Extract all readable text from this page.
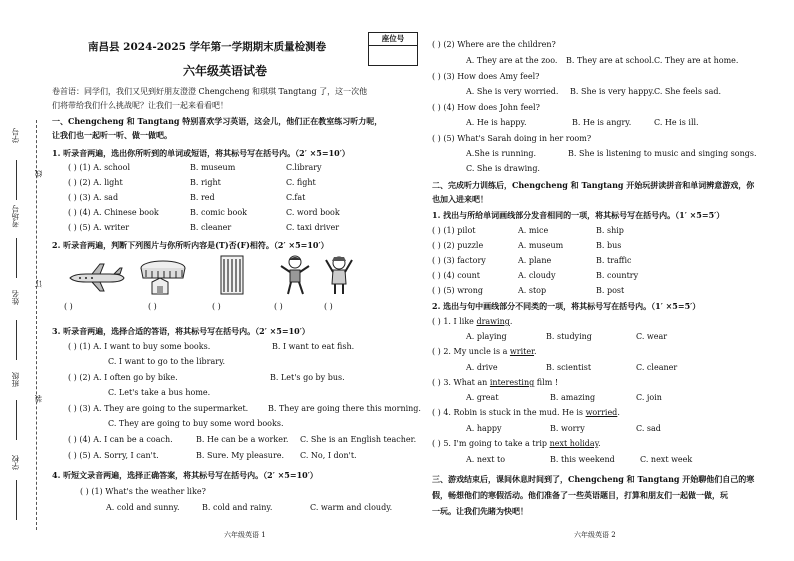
学号
考场号
姓名
班级
学校
线
订
装
南昌县 2024-2025 学年第一学期期末质量检测卷
六年级英语试卷
座位号
卷首语：同学们，我们又见到好朋友澄澄 Chengcheng 和琪琪 Tangtang 了，这一次他
们将带给我们什么挑战呢？让我们一起来看看吧！
一、Chengcheng 和 Tangtang 特别喜欢学习英语，这会儿，他们正在教室练习听力呢，
让我们也一起听一听、做一做吧。
1. 听录音两遍，选出你所听到的单词或短语，将其标号写在括号内。（2′ ×5=10′）
( ) (1) A. school	B. museum	C.library
( ) (2) A. light	B. right	C. fight
( ) (3) A. sad	B. red	C.fat
( ) (4) A. Chinese book	B. comic book	C. word book
( ) (5) A. writer	B. cleaner	C. taxi driver
2. 听录音两遍，判断下列图片与你所听内容是(T)否(F)相符。（2′ ×5=10′）
( )	( )	( )	( )	( )
3. 听录音两遍，选择合适的答语，将其标号写在括号内。（2′ ×5=10′）
( ) (1) A. I want to buy some books.	B. I want to eat fish.
C. I want to go to the library.
( ) (2) A. I often go by bike.	B. Let's go by bus.
C. Let's take a bus home.
( ) (3) A. They are going to the supermarket. B. They are going there this morning.
C. They are going to buy some word books.
( ) (4) A. I can be a coach.	B. He can be a worker. C. She is an English teacher.
( ) (5) A. Sorry, I can't.	B. Sure. My pleasure. C. No, I don't.
4. 听短文录音两遍，选择正确答案，将其标号写在括号内。（2′ ×5=10′）
( ) (1) What's the weather like?
A. cold and sunny.	B. cold and rainy.	C. warm and cloudy.
六年级英语 1
( ) (2) Where are the children?
A. They are at the zoo. B. They are at school. C. They are at home.
( ) (3) How does Amy feel?
A. She is very worried. B. She is very happy. C. She feels sad.
( ) (4) How does John feel?
A. He is happy.	B. He is angry.	C. He is ill.
( ) (5) What's Sarah doing in her room?
A.She is running.	B. She is listening to music and singing songs.
C. She is drawing.
二、完成听力训练后，Chengcheng 和 Tangtang 开始玩拼读拼音和单词辨意游戏，你
也加入进来吧！
1. 找出与所给单词画线部分发音相同的一项，将其标号写在括号内。（1′ ×5=5′）
( ) (1) pilot	A. mice	B. ship
( ) (2) puzzle	A. museum	B. bus
( ) (3) factory	A. plane	B. traffic
( ) (4) count	A. cloudy	B. country
( ) (5) wrong	A. stop	B. post
2. 选出与句中画线部分不同类的一项，将其标号写在括号内。（1′ ×5=5′）
( ) 1. I like drawing.
A. playing	B. studying	C. wear
( ) 2. My uncle is a writer.
A. drive	B. scientist	C. cleaner
( ) 3. What an interesting film !
A. great	B. amazing	C. join
( ) 4. Robin is stuck in the mud. He is worried.
A. happy	B. worry	C. sad
( ) 5. I'm going to take a trip next holiday.
A. next to	B. this weekend	C. next week
三、游戏结束后，课间休息时间到了，Chengcheng 和 Tangtang 开始聊他们自己的寒
假，畅想他们的寒假活动。他们准备了一些英语题目，打算和朋友们一起做一做，玩
一玩。让我们先睹为快吧！
六年级英语 2
